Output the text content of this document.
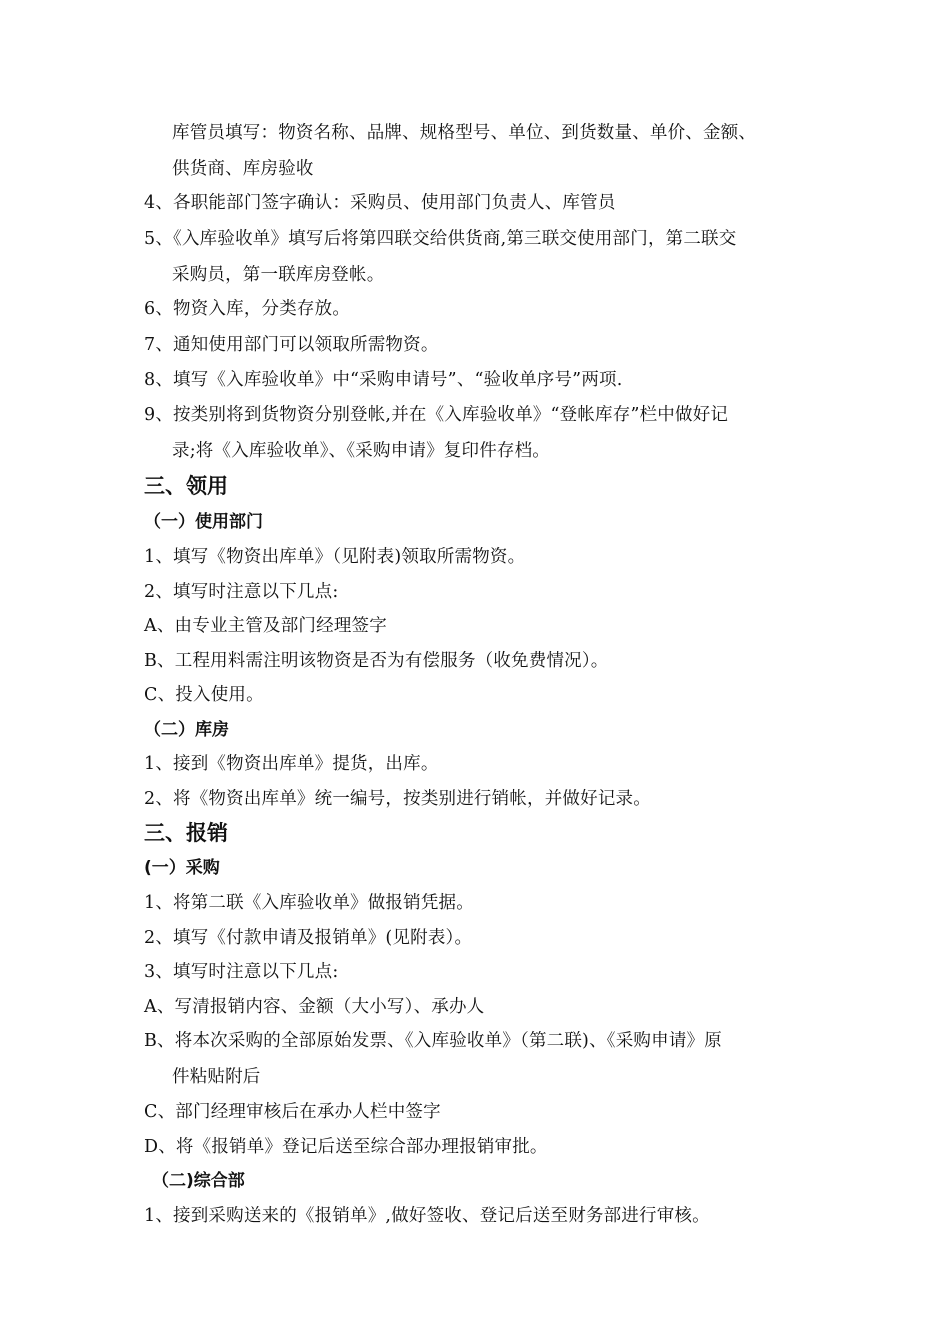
库管员填写：物资名称、品牌、规格型号、单位、到货数量、单价、金额、
供货商、库房验收
4、各职能部门签字确认：采购员、使用部门负责人、库管员
5、《入库验收单》填写后将第四联交给供货商,第三联交使用部门，第二联交
采购员，第一联库房登帐。
6、物资入库，分类存放。
7、通知使用部门可以领取所需物资。
8、填写《入库验收单》中“采购申请号”、“验收单序号”两项.
9、按类别将到货物资分别登帐,并在《入库验收单》“登帐库存”栏中做好记
录;将《入库验收单》、《采购申请》复印件存档。
三、领用
（一）使用部门
1、填写《物资出库单》（见附表)领取所需物资。
2、填写时注意以下几点:
A、由专业主管及部门经理签字
B、工程用料需注明该物资是否为有偿服务（收免费情况）。
C、投入使用。
（二）库房
1、接到《物资出库单》提货，出库。
2、将《物资出库单》统一编号，按类别进行销帐，并做好记录。
三、报销
(一）采购
1、将第二联《入库验收单》做报销凭据。
2、填写《付款申请及报销单》(见附表）。
3、填写时注意以下几点:
A、写清报销内容、金额（大小写）、承办人
B、将本次采购的全部原始发票、《入库验收单》（第二联)、《采购申请》原
件粘贴附后
C、部门经理审核后在承办人栏中签字
D、将《报销单》登记后送至综合部办理报销审批。
（二)综合部
1、接到采购送来的《报销单》,做好签收、登记后送至财务部进行审核。
